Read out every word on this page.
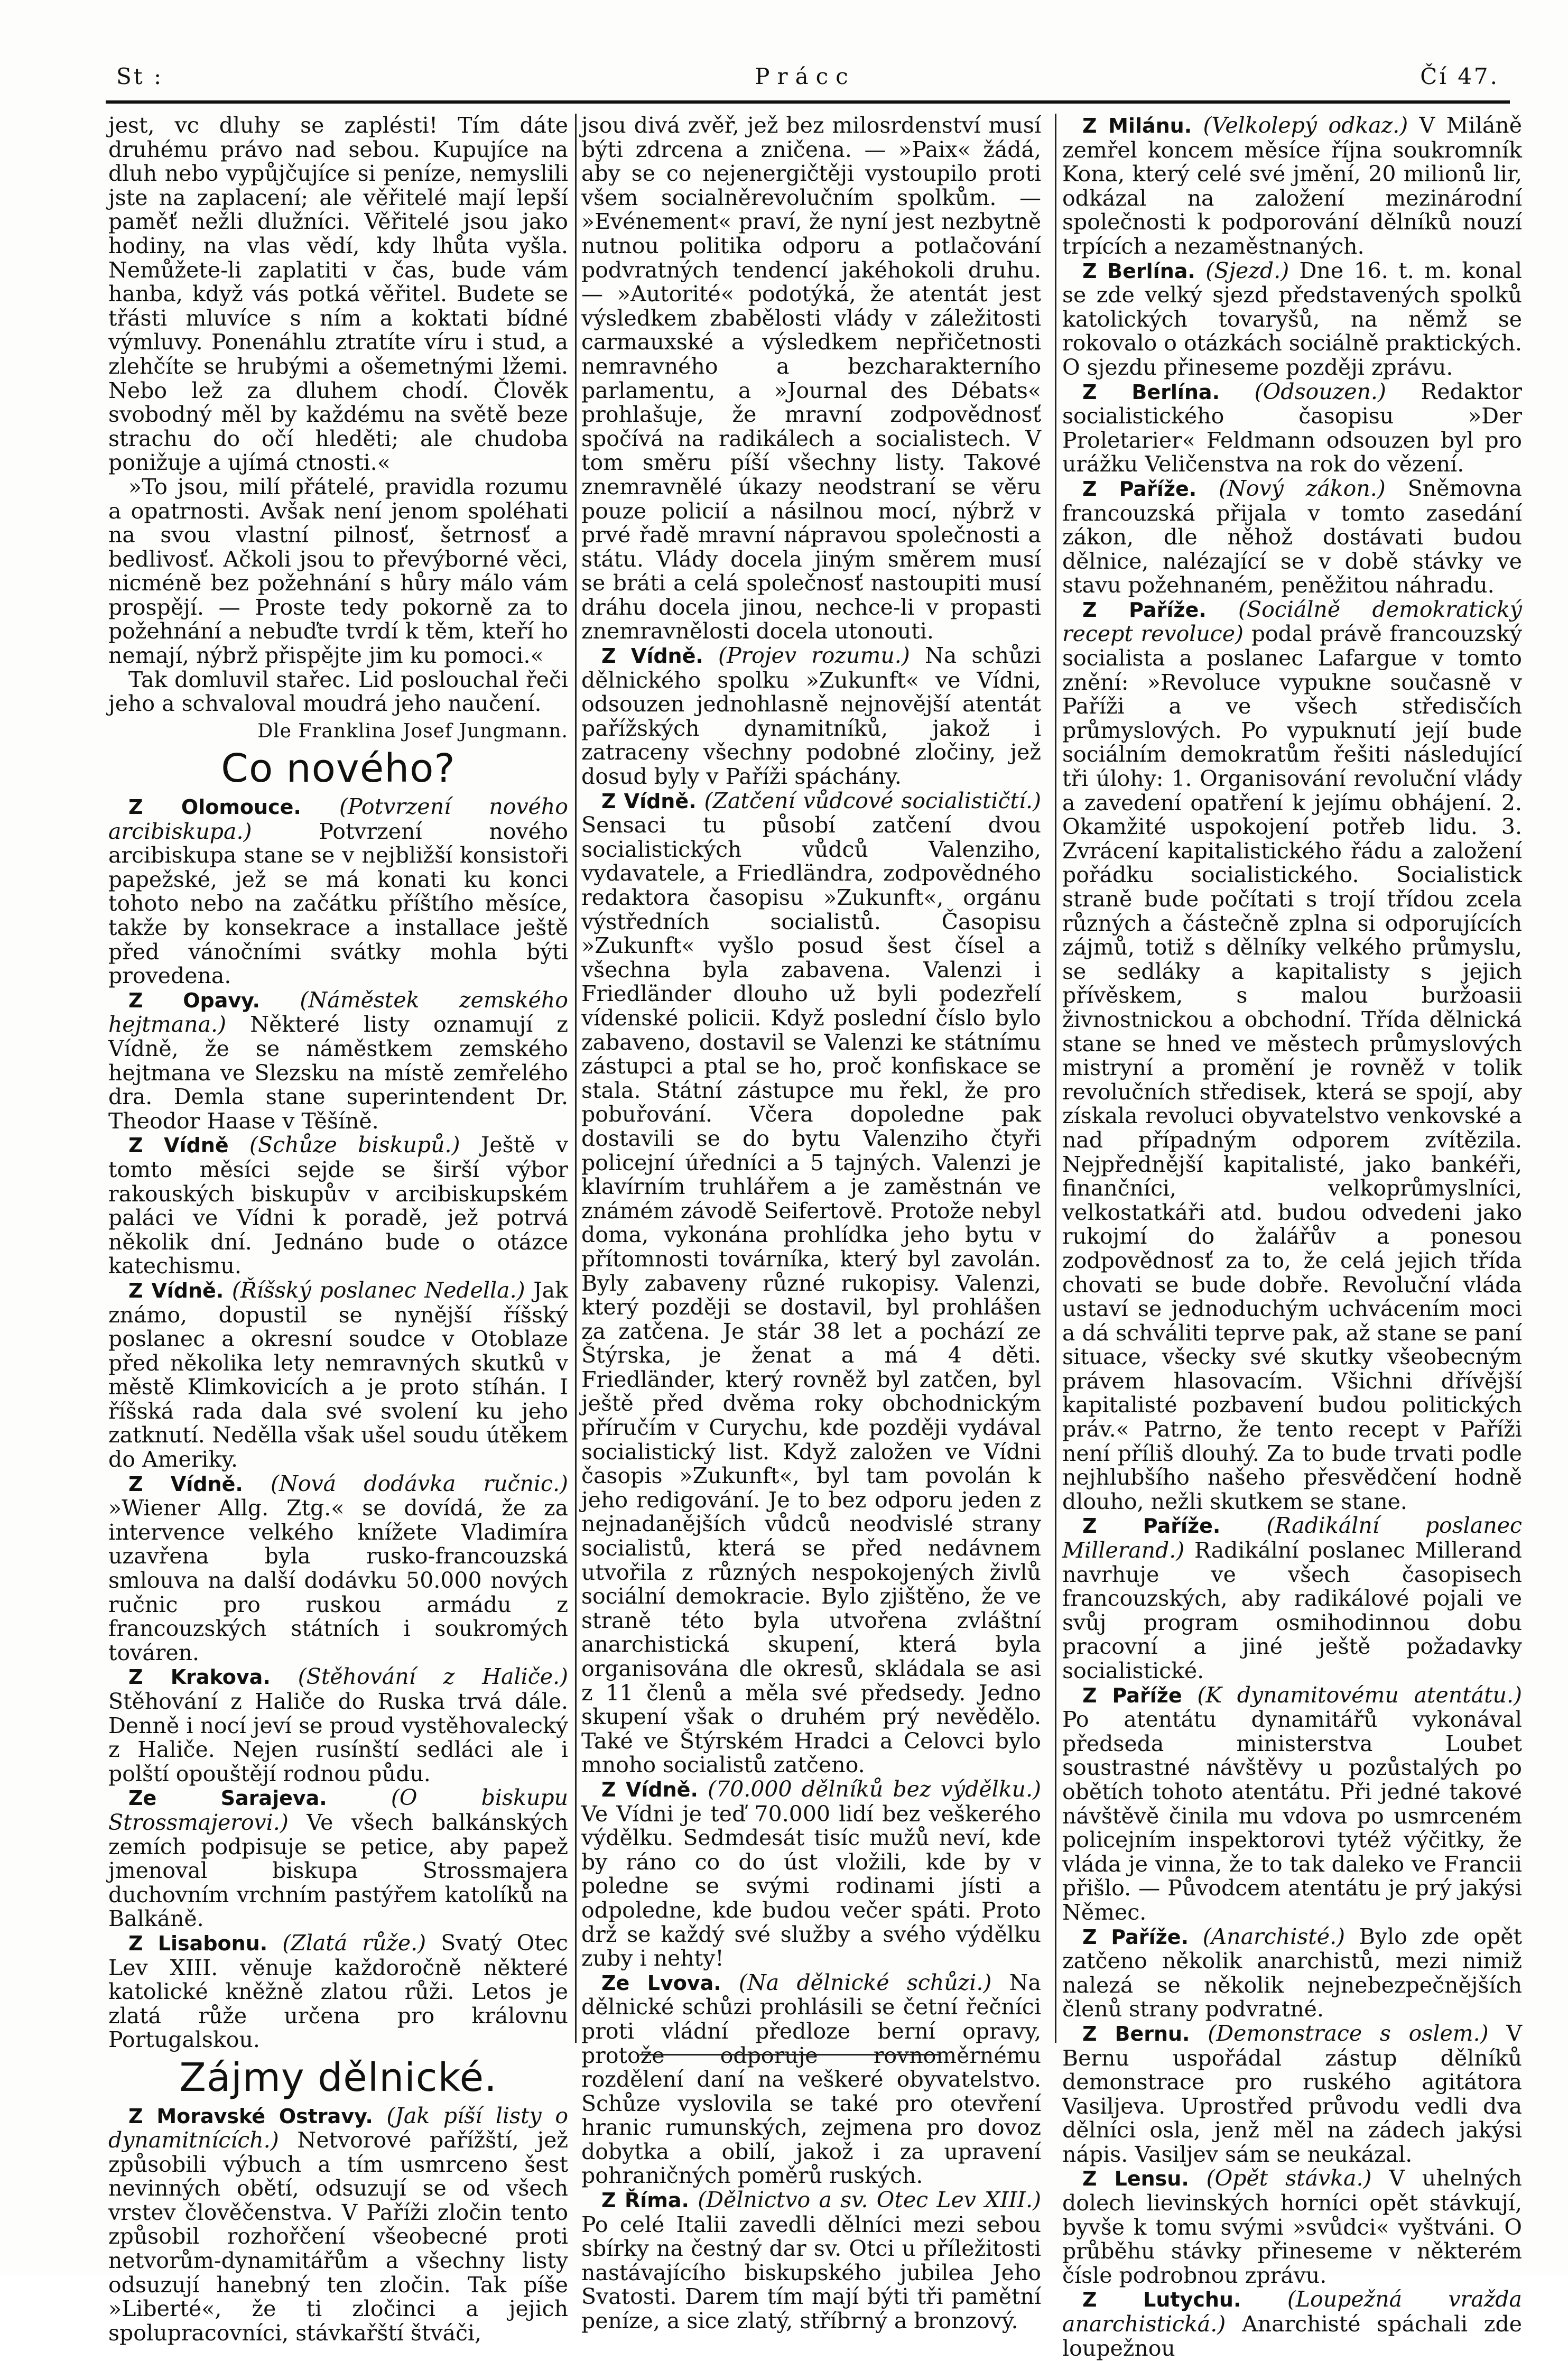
St :	Prácc	Čí 47.

jest, vc dluhy se zaplésti! Tím dáte druhému právo nad sebou. Kupujíce na dluh nebo vypůjčujíce si peníze, nemyslili jste na zaplacení; ale věřitelé mají lepší paměť nežli dlužníci. Věřitelé jsou jako hodiny, na vlas vědí, kdy lhůta vyšla. Nemůžete-li zaplatiti v čas, bude vám hanba, když vás potká věřitel. Budete se třásti mluvíce s ním a koktati bídné výmluvy. Ponenáhlu ztratíte víru i stud, a zlehčíte se hrubými a ošemetnými lžemi. Nebo lež za dluhem chodí. Člověk svobodný měl by každému na světě beze strachu do očí hleděti; ale chudoba ponižuje a ujímá ctnosti.«

»To jsou, milí přátelé, pravidla rozumu a opatrnosti. Avšak není jenom spoléhati na svou vlastní pilnosť, šetrnosť a bedlivosť. Ačkoli jsou to převýborné věci, nicméně bez požehnání s hůry málo vám prospějí. — Proste tedy pokorně za to požehnání a nebuďte tvrdí k těm, kteří ho nemají, nýbrž přispějte jim ku pomoci.«

Tak domluvil stařec. Lid poslouchal řeči jeho a schvaloval moudrá jeho naučení.

Dle Franklina Josef Jungmann.
Co nového?

Z Olomouce. (Potvrzení nového arcibiskupa.)	Potvrzení nového arcibiskupa stane se v nejbližší konsistoři papežské, jež se má konati ku konci tohoto nebo na začátku příštího měsíce, takže by konsekrace a installace ještě před vánočními svátky mohla býti provedena.

Z Opavy. (Náměstek zemského hejtmana.) Některé listy oznamují z Vídně, že se náměstkem zemského hejtmana ve Slezsku na místě zemřelého dra. Demla stane superintendent Dr. Theodor Haase v Těšíně.

Z Vídně (Schůze biskupů.) Ještě v tomto měsíci sejde se širší výbor rakouských biskupův v arcibiskupském paláci ve Vídni k poradě, jež potrvá několik dní. Jednáno bude o otázce katechismu.

Z Vídně. (Říšský poslanec Nedella.) Jak známo, dopustil se nynější říšský poslanec a okresní soudce v Otoblaze před několika lety nemravných skutků v městě Klimkovicích a je proto stíhán. I říšská rada dala své svolení ku jeho zatknutí. Nedělla však ušel soudu útěkem do Ameriky.

Z Vídně. (Nová dodávka ručnic.) »Wiener Allg. Ztg.« se dovídá, že za intervence velkého knížete Vladimíra uzavřena byla rusko-francouzská smlouva na další dodávku 50.000 nových ručnic pro ruskou armádu z francouzských státních i soukromých továren.

Z Krakova. (Stěhování z Haliče.) Stěhování z Haliče do Ruska trvá dále. Denně i nocí jeví se proud vystěhovalecký z Haliče. Nejen rusínští sedláci ale i polští opouštějí rodnou půdu.

Ze Sarajeva.	(O biskupu Strossmajerovi.) Ve všech balkánských zemích podpisuje se petice, aby papež jmenoval biskupa Strossmajera duchovním vrchním pastýřem katolíků na Balkáně.

Z Lisabonu. (Zlatá růže.) Svatý Otec Lev XIII. věnuje každoročně některé katolické kněžně zlatou růži. Letos je zlatá růže určena pro královnu Portugalskou.

Zájmy dělnické.

Z Moravské Ostravy. (Jak píší listy o dynamitnících.) Netvorové pařížští, jež způsobili výbuch a tím usmrceno šest nevinných obětí, odsuzují se od všech vrstev člověčenstva. V Paříži zločin tento způsobil rozhořčení všeobecné proti netvorům-dynamitářům a všechny listy odsuzují hanebný ten zločin. Tak píše »Liberté«, že ti zločinci a jejich spolupracovníci, stávkařští štváči,

jsou divá zvěř, jež bez milosrdenství musí býti zdrcena a zničena. — »Paix« žádá, aby se co nejenergičtěji vystoupilo proti všem socialněrevolučním spolkům. — »Evénement« praví, že nyní jest nezbytně nutnou politika odporu a potlačování podvratných tendencí jakéhokoli druhu. — »Autorité« podotýká, že atentát jest výsledkem zbabělosti vlády v záležitosti carmauxské a výsledkem nepřičetnosti nemravného a bezcharakterního parlamentu, a »Journal des Débats« prohlašuje, že mravní zodpovědnosť spočívá na radikálech a socialistech. V tom směru píší všechny listy. Takové znemravnělé úkazy neodstraní se věru pouze policií a násilnou mocí, nýbrž v prvé řadě mravní nápravou společnosti a státu. Vlády docela jiným směrem musí se bráti a celá společnosť nastoupiti musí dráhu docela jinou, nechce-li v propasti znemravnělosti docela utonouti.

Z Vídně. (Projev rozumu.) Na schůzi dělnického spolku »Zukunft« ve Vídni, odsouzen jednohlasně nejnovější atentát pařížských dynamitníků, jakož i zatraceny všechny podobné zločiny, jež dosud byly v Paříži spáchány.

Z Vídně. (Zatčení vůdcové socialističtí.) Sensaci tu působí zatčení dvou socialistických vůdců Valenziho, vydavatele, a Friedländra, zodpovědného redaktora časopisu »Zukunft«, orgánu výstředních socialistů. Časopisu »Zukunft« vyšlo posud šest čísel a všechna byla zabavena. Valenzi i Friedländer dlouho už byli podezřelí vídenské policii. Když poslední číslo bylo zabaveno, dostavil se Valenzi ke státnímu zástupci a ptal se ho, proč konfiskace se stala. Státní zástupce mu řekl, že pro pobuřování. Včera dopoledne pak dostavili se do bytu Valenziho čtyři policejní úředníci a 5 tajných. Valenzi je klavírním truhlářem a je zaměstnán ve známém závodě Seifertově. Protože nebyl doma, vykonána prohlídka jeho bytu v přítomnosti továrníka, který byl zavolán. Byly zabaveny různé rukopisy. Valenzi, který později se dostavil, byl prohlášen za zatčena. Je stár 38 let a pochází ze Štýrska, je ženat a má 4 děti. Friedländer, který rovněž byl zatčen, byl ještě před dvěma roky obchodnickým příručím v Curychu, kde později vydával socialistický list. Když založen ve Vídni časopis »Zukunft«, byl tam povolán k jeho redigování. Je to bez odporu jeden z nejnadanějších vůdců neodvislé strany socialistů, která se před nedávnem utvořila z různých nespokojených živlů sociální demokracie. Bylo zjištěno, že ve straně této byla utvořena zvláštní anarchistická skupení, která byla organisována dle okresů, skládala se asi z 11 členů a měla své předsedy. Jedno skupení však o druhém prý nevědělo. Také ve Štýrském Hradci a Celovci bylo mnoho socialistů zatčeno.

Z Vídně. (70.000 dělníků bez výdělku.) Ve Vídni je teď 70.000 lidí bez veškerého výdělku. Sedmdesát tisíc mužů neví, kde by ráno co do úst vložili, kde by v poledne se svými rodinami jísti a odpoledne, kde budou večer spáti. Proto drž se každý své služby a svého výdělku zuby i nehty!

Ze Lvova. (Na dělnické schůzi.) Na dělnické schůzi prohlásili se četní řečníci proti vládní předloze berní opravy, protože odporuje rovnoměrnému rozdělení daní na veškeré obyvatelstvo. Schůze vyslovila se také pro otevření hranic rumunských, zejmena pro dovoz dobytka a obilí, jakož i za upravení pohraničných poměrů ruských.

Z Říma. (Dělnictvo a sv. Otec Lev XIII.) Po celé Italii zavedli dělníci mezi sebou sbírky na čestný dar sv. Otci u příležitosti nastávajícího biskupského jubilea Jeho Svatosti. Darem tím mají býti tři pamětní peníze, a sice zlatý, stříbrný a bronzový.

Z Milánu. (Velkolepý odkaz.) V Miláně zemřel koncem měsíce října soukromník Kona, který celé své jmění, 20 milionů lir, odkázal na založení mezinárodní společnosti k podporování dělníků nouzí trpících a nezaměstnaných.

Z Berlína. (Sjezd.) Dne 16. t. m. konal se zde velký sjezd představených spolků katolických tovaryšů, na němž se rokovalo o otázkách sociálně praktických. O sjezdu přineseme později zprávu.

Z Berlína. (Odsouzen.) Redaktor socialistického časopisu »Der Proletarier« Feldmann odsouzen byl pro urážku Veličenstva na rok do vězení.

Z Paříže. (Nový zákon.) Sněmovna francouzská přijala v tomto zasedání zákon, dle něhož dostávati budou dělnice, nalézající se v době stávky ve stavu požehnaném, peněžitou náhradu.

Z Paříže. (Sociálně demokratický recept revoluce) podal právě francouzský socialista a poslanec Lafargue v tomto znění: »Revoluce vypukne současně v Paříži a ve všech středisčích průmyslových. Po vypuknutí její bude sociálním demokratům řešiti následující tři úlohy: 1. Organisování revoluční vlády a zavedení opatření k jejímu obhájení. 2. Okamžité uspokojení potřeb lidu. 3. Zvrácení kapitalistického řádu a založení pořádku socialistického. Socialistick straně bude počítati s trojí třídou zcela různých a částečně zplna si odporujících zájmů, totiž s dělníky velkého průmyslu, se sedláky a kapitalisty s jejich přívěskem, s malou buržoasii živnostnickou a obchodní. Třída dělnická stane se hned ve městech průmyslových mistryní a promění je rovněž v tolik revolučních středisek, která se spojí, aby získala revoluci obyvatelstvo venkovské a nad případným odporem zvítězila. Nejpřednější kapitalisté, jako bankéři, finančníci, velkoprůmyslníci, velkostatkáři atd. budou odvedeni jako rukojmí do žalářův a ponesou zodpovědnosť za to, že celá jejich třída chovati se bude dobře. Revoluční vláda ustaví se jednoduchým uchvácením moci a dá schváliti teprve pak, až stane se paní situace, všecky své skutky všeobecným právem hlasovacím. Všichni dřívější kapitalisté pozbavení budou politických práv.« Patrno, že tento recept v Paříži není příliš dlouhý. Za to bude trvati podle nejhlubšího našeho přesvědčení hodně dlouho, nežli skutkem se stane.

Z Paříže. (Radikální poslanec Millerand.) Radikální poslanec Millerand navrhuje ve všech časopisech francouzských, aby radikálové pojali ve svůj program osmihodinnou dobu pracovní a jiné ještě požadavky socialistické.

Z Paříže (K dynamitovému atentátu.) Po atentátu dynamitářů vykonával předseda ministerstva Loubet soustrastné návštěvy u pozůstalých po obětích tohoto atentátu. Při jedné takové návštěvě činila mu vdova po usmrceném policejním inspektorovi tytéž výčitky, že vláda je vinna, že to tak daleko ve Francii přišlo. — Původcem atentátu je prý jakýsi Němec.

Z Paříže. (Anarchisté.) Bylo zde opět zatčeno několik anarchistů, mezi nimiž nalezá se několik nejnebezpečnějších členů strany podvratné.

Z Bernu. (Demonstrace s oslem.) V Bernu uspořádal zástup dělníků demonstrace pro ruského agitátora Vasiljeva. Uprostřed průvodu vedli dva dělníci osla, jenž měl na zádech jakýsi nápis. Vasiljev sám se neukázal.

Z Lensu. (Opět stávka.) V uhelných dolech lievinských horníci opět stávkují, byvše k tomu svými »svůdci« vyštváni. O průběhu stávky přineseme v některém čísle podrobnou zprávu.

Z Lutychu. (Loupežná vražda anarchistická.) Anarchisté spáchali zde loupežnou
